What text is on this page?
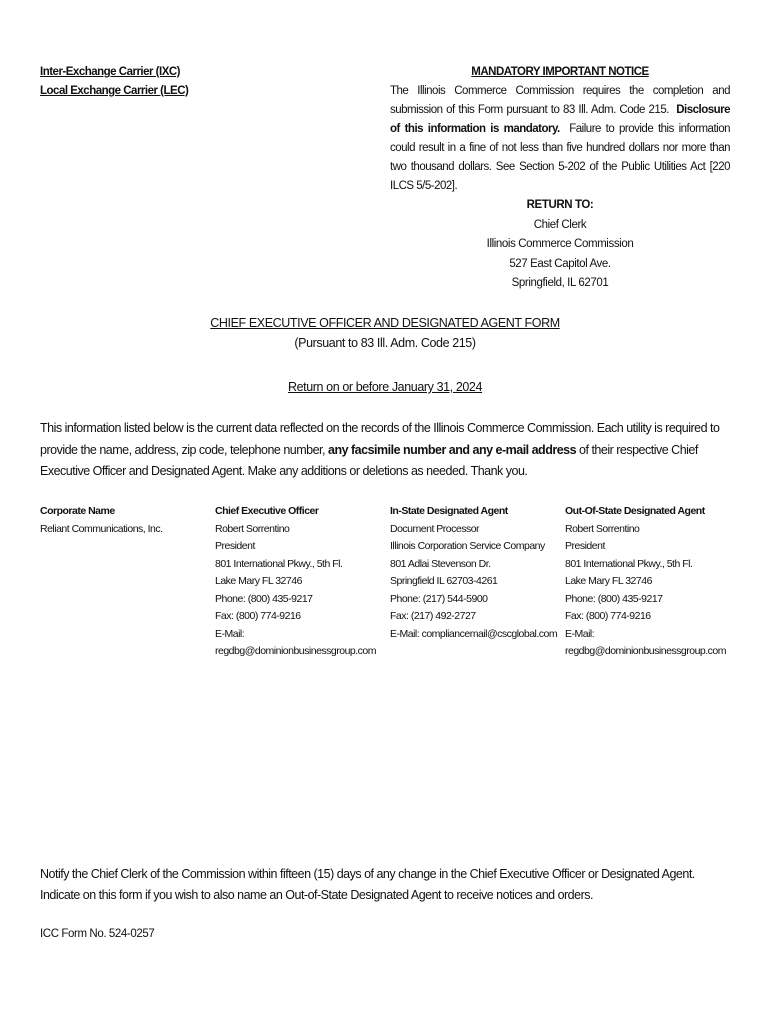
Inter-Exchange Carrier (IXC)
Local Exchange Carrier (LEC)
MANDATORY IMPORTANT NOTICE
The Illinois Commerce Commission requires the completion and submission of this Form pursuant to 83 Ill. Adm. Code 215. Disclosure of this information is mandatory. Failure to provide this information could result in a fine of not less than five hundred dollars nor more than two thousand dollars. See Section 5-202 of the Public Utilities Act [220 ILCS 5/5-202].
RETURN TO:
Chief Clerk
Illinois Commerce Commission
527 East Capitol Ave.
Springfield, IL 62701
CHIEF EXECUTIVE OFFICER AND DESIGNATED AGENT FORM
(Pursuant to 83 Ill. Adm. Code 215)
Return on or before January 31, 2024
This information listed below is the current data reflected on the records of the Illinois Commerce Commission. Each utility is required to provide the name, address, zip code, telephone number, any facsimile number and any e-mail address of their respective Chief Executive Officer and Designated Agent. Make any additions or deletions as needed. Thank you.
Corporate Name
Reliant Communications, Inc.
Chief Executive Officer
Robert Sorrentino
President
801 International Pkwy., 5th Fl.
Lake Mary FL 32746
Phone: (800) 435-9217
Fax: (800) 774-9216
E-Mail:
regdbg@dominionbusinessgroup.com
In-State Designated Agent
Document Processor
Illinois Corporation Service Company
801 Adlai Stevenson Dr.
Springfield IL 62703-4261
Phone: (217) 544-5900
Fax: (217) 492-2727
E-Mail: compliancemail@cscglobal.com
Out-Of-State Designated Agent
Robert Sorrentino
President
801 International Pkwy., 5th Fl.
Lake Mary FL 32746
Phone: (800) 435-9217
Fax: (800) 774-9216
E-Mail:
regdbg@dominionbusinessgroup.com
Notify the Chief Clerk of the Commission within fifteen (15) days of any change in the Chief Executive Officer or Designated Agent.
Indicate on this form if you wish to also name an Out-of-State Designated Agent to receive notices and orders.
ICC Form No. 524-0257
